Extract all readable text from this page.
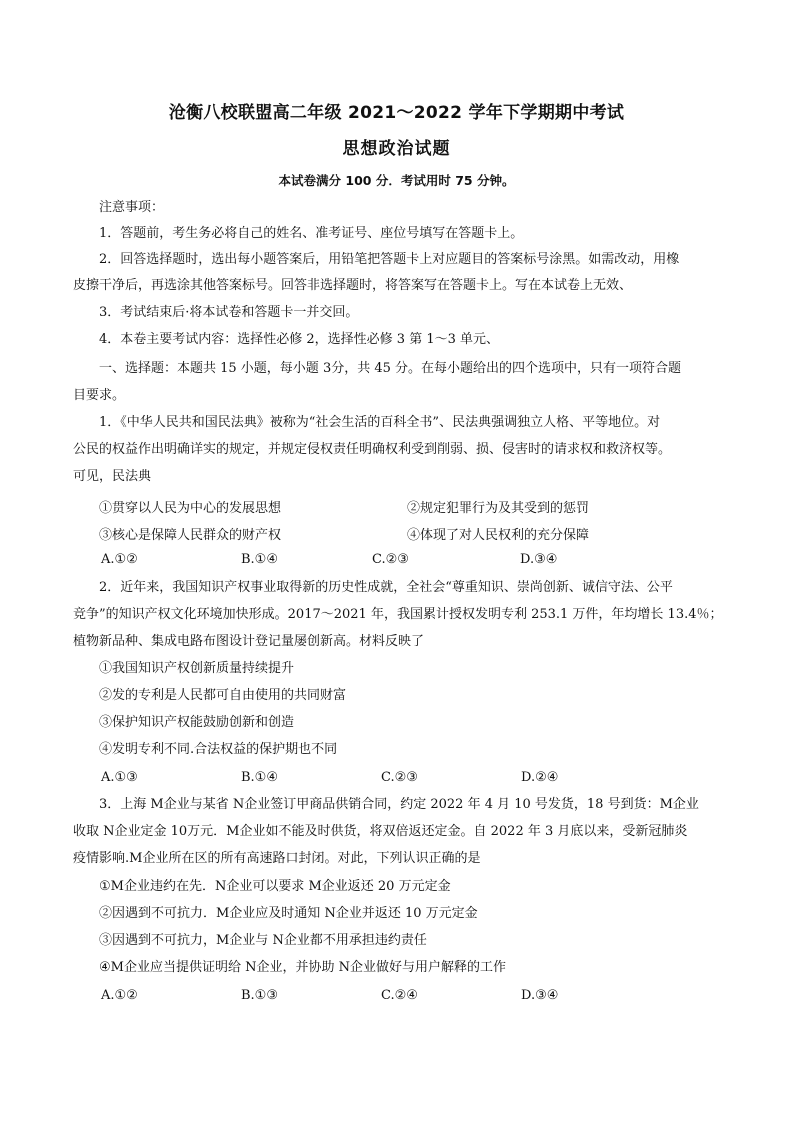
沧衡八校联盟高二年级 2021～2022 学年下学期期中考试
思想政治试题
本试卷满分 100 分．考试用时 75 分钟。
注意事项：
1．答题前，考生务必将自己的姓名、准考证号、座位号填写在答题卡上。
2．回答选择题时，选出每小题答案后，用铅笔把答题卡上对应题目的答案标号涂黑。如需改动，用橡
皮擦干净后，再选涂其他答案标号。回答非选择题时，将答案写在答题卡上。写在本试卷上无效、
3．考试结束后·将本试卷和答题卡一并交回。
4．本卷主要考试内容：选择性必修 2，选择性必修 3 第 1～3 单元、
一、选择题：本题共 15 小题，每小题 3分，共 45 分。在每小题给出的四个选项中，只有一项符合题
目要求。
1．《中华人民共和国民法典》被称为“社会生活的百科全书”、民法典强调独立人格、平等地位。对
公民的权益作出明确详实的规定，并规定侵权责任明确权利受到削弱、损、侵害时的请求权和救济权等。
可见，民法典
①贯穿以人民为中心的发展思想	②规定犯罪行为及其受到的惩罚
③核心是保障人民群众的财产权	④体现了对人民权利的充分保障
A.①②	B.①④	C.②③	D.③④
2．近年来，我国知识产权事业取得新的历史性成就，全社会“尊重知识、崇尚创新、诚信守法、公平
竞争”的知识产权文化环境加快形成。2017～2021 年，我国累计授权发明专利 253.1 万件，年均增长 13.4％；
植物新品种、集成电路布图设计登记量屡创新高。材料反映了
①我国知识产权创新质量持续提升
②发的专利是人民都可自由使用的共同财富
③保护知识产权能鼓励创新和创造
④发明专利不同.合法权益的保护期也不同
A.①③	B.①④	C.②③	D.②④
3．上海 M企业与某省 N企业签订甲商品供销合同，约定 2022 年 4 月 10 号发货，18 号到货：M企业
收取 N企业定金 10万元．M企业如不能及时供货，将双倍返还定金。自 2022 年 3 月底以来，受新冠肺炎
疫情影响.M企业所在区的所有高速路口封闭。对此，下列认识正确的是
①M企业违约在先．N企业可以要求 M企业返还 20 万元定金
②因遇到不可抗力．M企业应及时通知 N企业并返还 10 万元定金
③因遇到不可抗力，M企业与 N企业都不用承担违约责任
④M企业应当提供证明给 N企业，并协助 N企业做好与用户解释的工作
A.①②	B.①③	C.②④	D.③④
